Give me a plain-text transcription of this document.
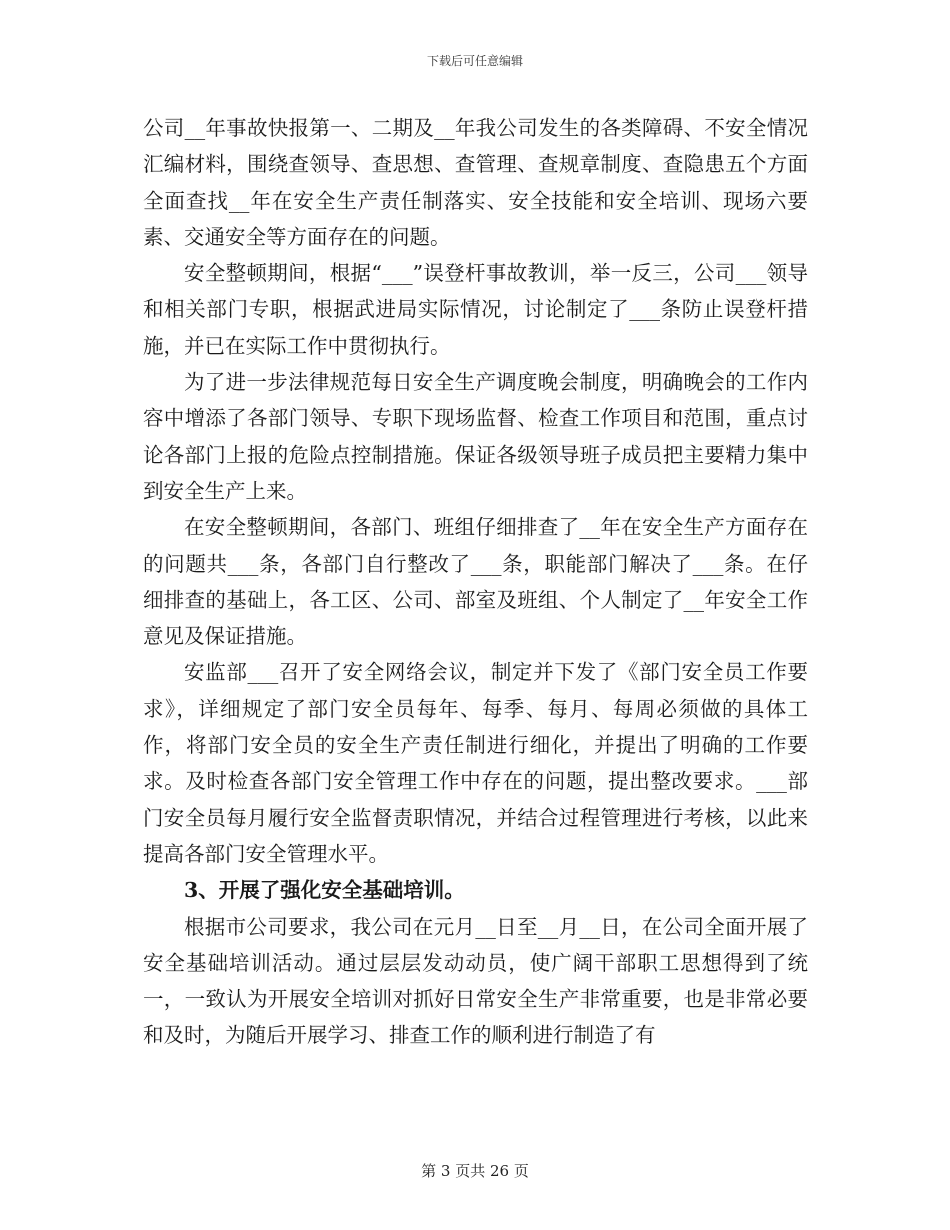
下载后可任意编辑

公司__年事故快报第一、二期及__年我公司发生的各类障碍、不安全情况汇编材料，围绕查领导、查思想、查管理、查规章制度、查隐患五个方面全面查找__年在安全生产责任制落实、安全技能和安全培训、现场六要素、交通安全等方面存在的问题。

安全整顿期间，根据“___”误登杆事故教训，举一反三，公司___领导和相关部门专职，根据武进局实际情况，讨论制定了___条防止误登杆措施，并已在实际工作中贯彻执行。

为了进一步法律规范每日安全生产调度晚会制度，明确晚会的工作内容中增添了各部门领导、专职下现场监督、检查工作项目和范围，重点讨论各部门上报的危险点控制措施。保证各级领导班子成员把主要精力集中到安全生产上来。

在安全整顿期间，各部门、班组仔细排查了__年在安全生产方面存在的问题共___条，各部门自行整改了___条，职能部门解决了___条。在仔细排查的基础上，各工区、公司、部室及班组、个人制定了__年安全工作意见及保证措施。

安监部___召开了安全网络会议，制定并下发了《部门安全员工作要求》，详细规定了部门安全员每年、每季、每月、每周必须做的具体工作，将部门安全员的安全生产责任制进行细化，并提出了明确的工作要求。及时检查各部门安全管理工作中存在的问题，提出整改要求。___部门安全员每月履行安全监督责职情况，并结合过程管理进行考核，以此来提高各部门安全管理水平。

3、开展了强化安全基础培训。

根据市公司要求，我公司在元月__日至__月__日，在公司全面开展了安全基础培训活动。通过层层发动动员，使广阔干部职工思想得到了统一，一致认为开展安全培训对抓好日常安全生产非常重要，也是非常必要和及时，为随后开展学习、排查工作的顺利进行制造了有

第 3 页共 26 页
